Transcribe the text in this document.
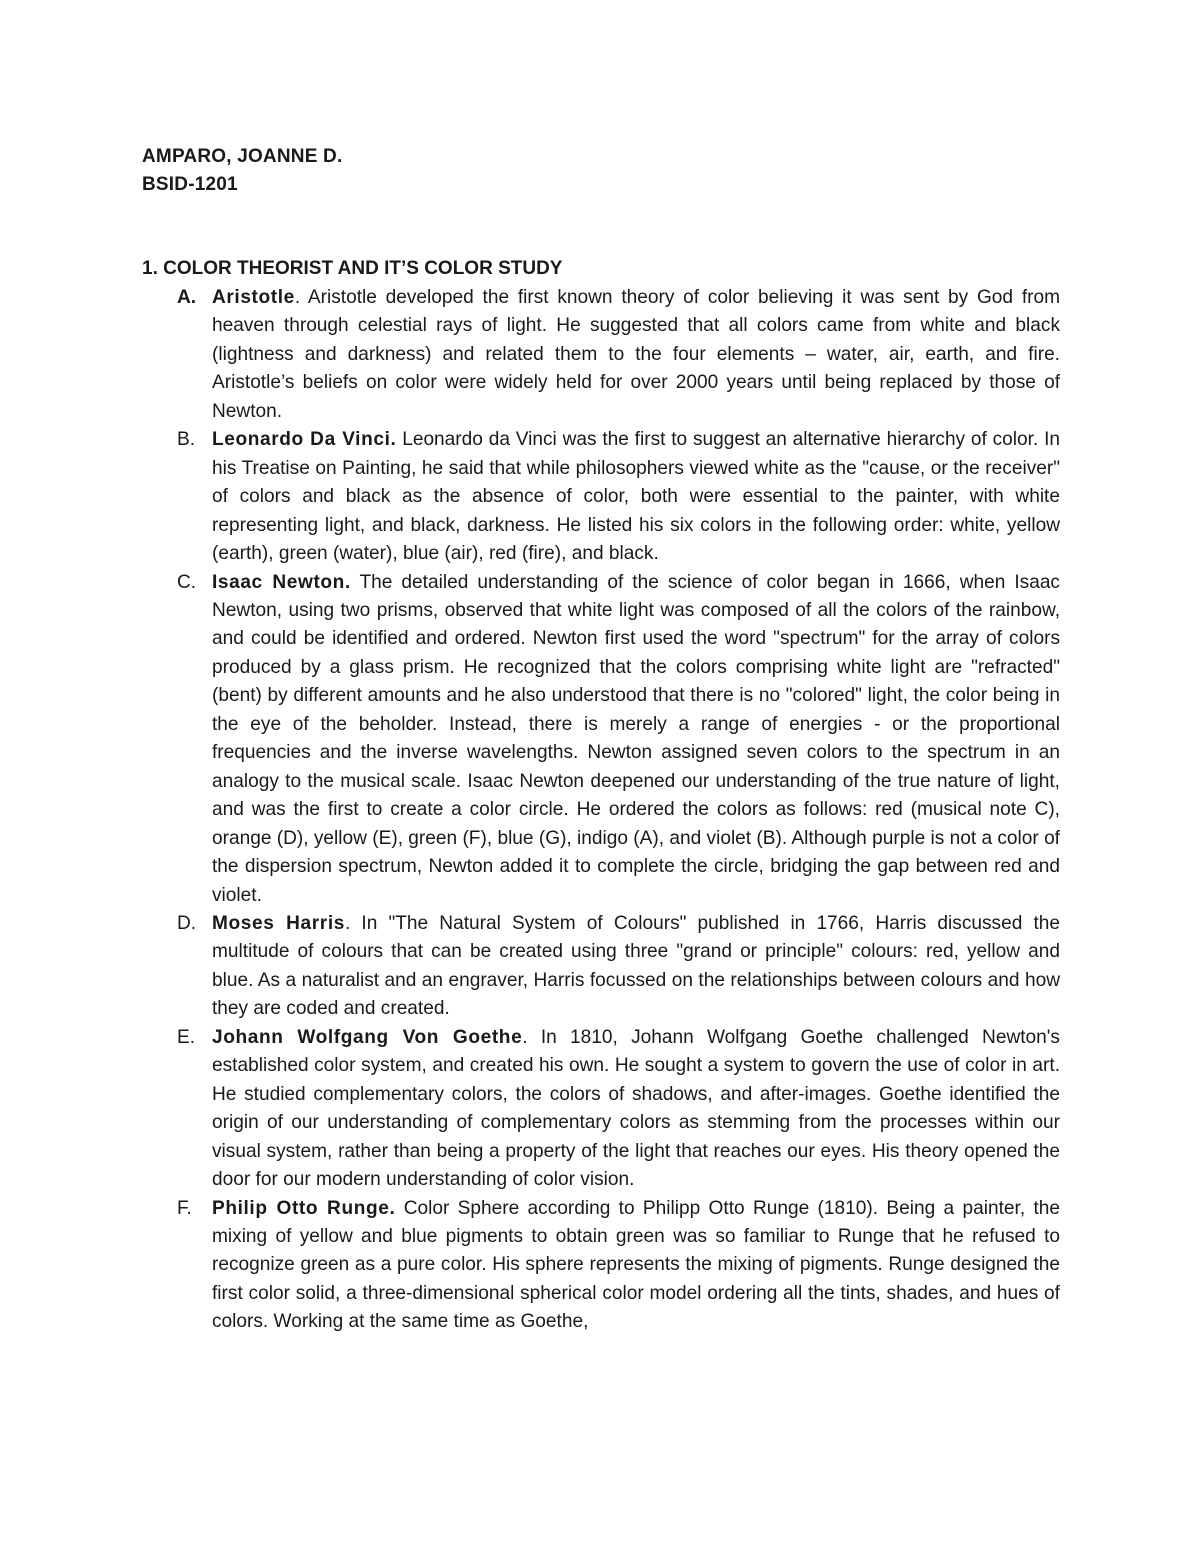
AMPARO, JOANNE D.
BSID-1201
1. COLOR THEORIST AND IT’S COLOR STUDY
A. Aristotle. Aristotle developed the first known theory of color believing it was sent by God from heaven through celestial rays of light. He suggested that all colors came from white and black (lightness and darkness) and related them to the four elements – water, air, earth, and fire. Aristotle’s beliefs on color were widely held for over 2000 years until being replaced by those of Newton.
B. Leonardo Da Vinci. Leonardo da Vinci was the first to suggest an alternative hierarchy of color. In his Treatise on Painting, he said that while philosophers viewed white as the "cause, or the receiver" of colors and black as the absence of color, both were essential to the painter, with white representing light, and black, darkness. He listed his six colors in the following order: white, yellow (earth), green (water), blue (air), red (fire), and black.
C. Isaac Newton. The detailed understanding of the science of color began in 1666, when Isaac Newton, using two prisms, observed that white light was composed of all the colors of the rainbow, and could be identified and ordered. Newton first used the word "spectrum" for the array of colors produced by a glass prism. He recognized that the colors comprising white light are "refracted" (bent) by different amounts and he also understood that there is no "colored" light, the color being in the eye of the beholder. Instead, there is merely a range of energies - or the proportional frequencies and the inverse wavelengths. Newton assigned seven colors to the spectrum in an analogy to the musical scale. Isaac Newton deepened our understanding of the true nature of light, and was the first to create a color circle. He ordered the colors as follows: red (musical note C), orange (D), yellow (E), green (F), blue (G), indigo (A), and violet (B). Although purple is not a color of the dispersion spectrum, Newton added it to complete the circle, bridging the gap between red and violet.
D. Moses Harris. In "The Natural System of Colours" published in 1766, Harris discussed the multitude of colours that can be created using three "grand or principle" colours: red, yellow and blue. As a naturalist and an engraver, Harris focussed on the relationships between colours and how they are coded and created.
E. Johann Wolfgang Von Goethe. In 1810, Johann Wolfgang Goethe challenged Newton's established color system, and created his own. He sought a system to govern the use of color in art. He studied complementary colors, the colors of shadows, and after-images. Goethe identified the origin of our understanding of complementary colors as stemming from the processes within our visual system, rather than being a property of the light that reaches our eyes. His theory opened the door for our modern understanding of color vision.
F. Philip Otto Runge. Color Sphere according to Philipp Otto Runge (1810). Being a painter, the mixing of yellow and blue pigments to obtain green was so familiar to Runge that he refused to recognize green as a pure color. His sphere represents the mixing of pigments. Runge designed the first color solid, a three-dimensional spherical color model ordering all the tints, shades, and hues of colors. Working at the same time as Goethe,
